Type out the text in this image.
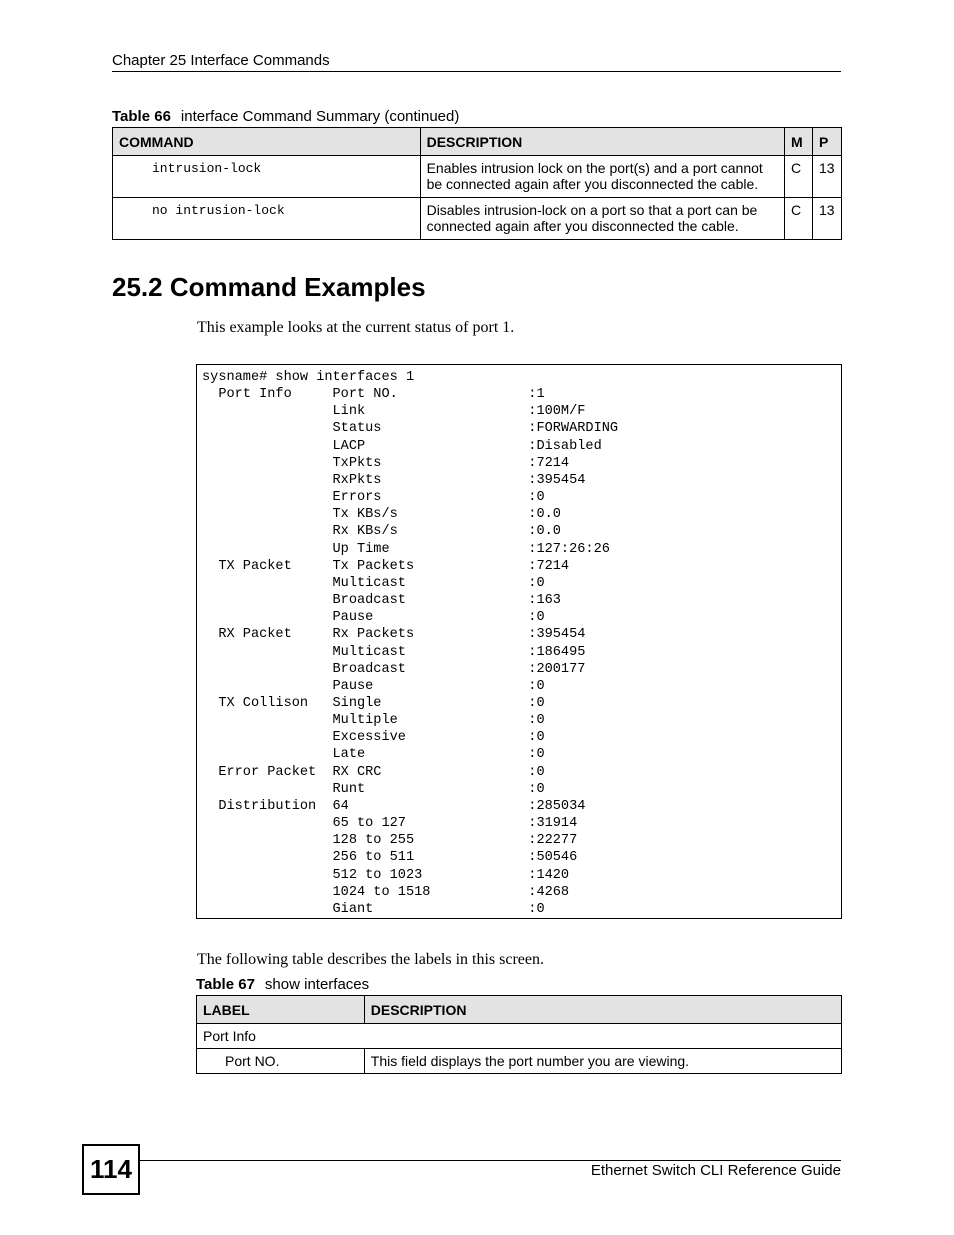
Chapter 25 Interface Commands
Table 66 interface Command Summary (continued)
COMMAND	DESCRIPTION	M	P
intrusion-lock	Enables intrusion lock on the port(s) and a port cannot be connected again after you disconnected the cable.	C	13
no intrusion-lock	Disables intrusion-lock on a port so that a port can be connected again after you disconnected the cable.	C	13
25.2 Command Examples
This example looks at the current status of port 1.
sysname# show interfaces 1
Port Info     Port NO.                :1
Link                    :100M/F
Status                  :FORWARDING
LACP                    :Disabled
TxPkts                  :7214
RxPkts                  :395454
Errors                  :0
Tx KBs/s                :0.0
Rx KBs/s                :0.0
Up Time                 :127:26:26
TX Packet     Tx Packets              :7214
Multicast               :0
Broadcast               :163
Pause                   :0
RX Packet     Rx Packets              :395454
Multicast               :186495
Broadcast               :200177
Pause                   :0
TX Collison   Single                  :0
Multiple                :0
Excessive               :0
Late                    :0
Error Packet  RX CRC                  :0
Runt                    :0
Distribution  64                      :285034
65 to 127               :31914
128 to 255              :22277
256 to 511              :50546
512 to 1023             :1420
1024 to 1518            :4268
Giant                   :0
The following table describes the labels in this screen.
Table 67 show interfaces
LABEL	DESCRIPTION
Port Info	
Port NO.	This field displays the port number you are viewing.
114	Ethernet Switch CLI Reference Guide
